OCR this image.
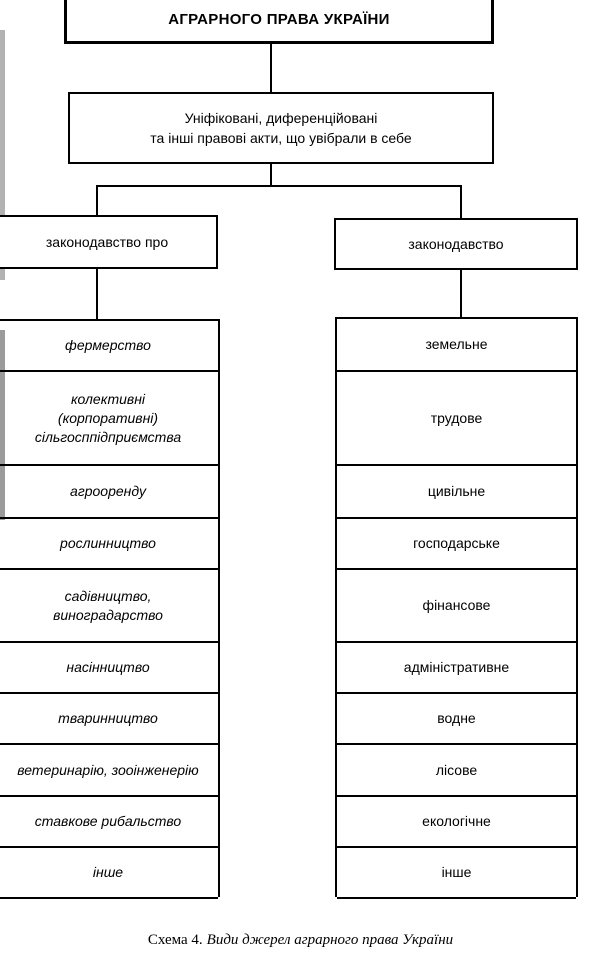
АГРАРНОГО ПРАВА УКРАЇНИ
Уніфіковані, диференційовані
та інші правові акти, що увібрали в себе
законодавство про	законодавство
фермерство
колективні
(корпоративні)
сільгосппідприємства
агрооренду
рослинництво
садівництво,
виноградарство
насінництво
тваринництво
ветеринарію, зооінженерію
ставкове рибальство
інше
земельне
трудове
цивільне
господарське
фінансове
адміністративне
водне
лісове
екологічне
інше
Схема 4. Види джерел аграрного права України
